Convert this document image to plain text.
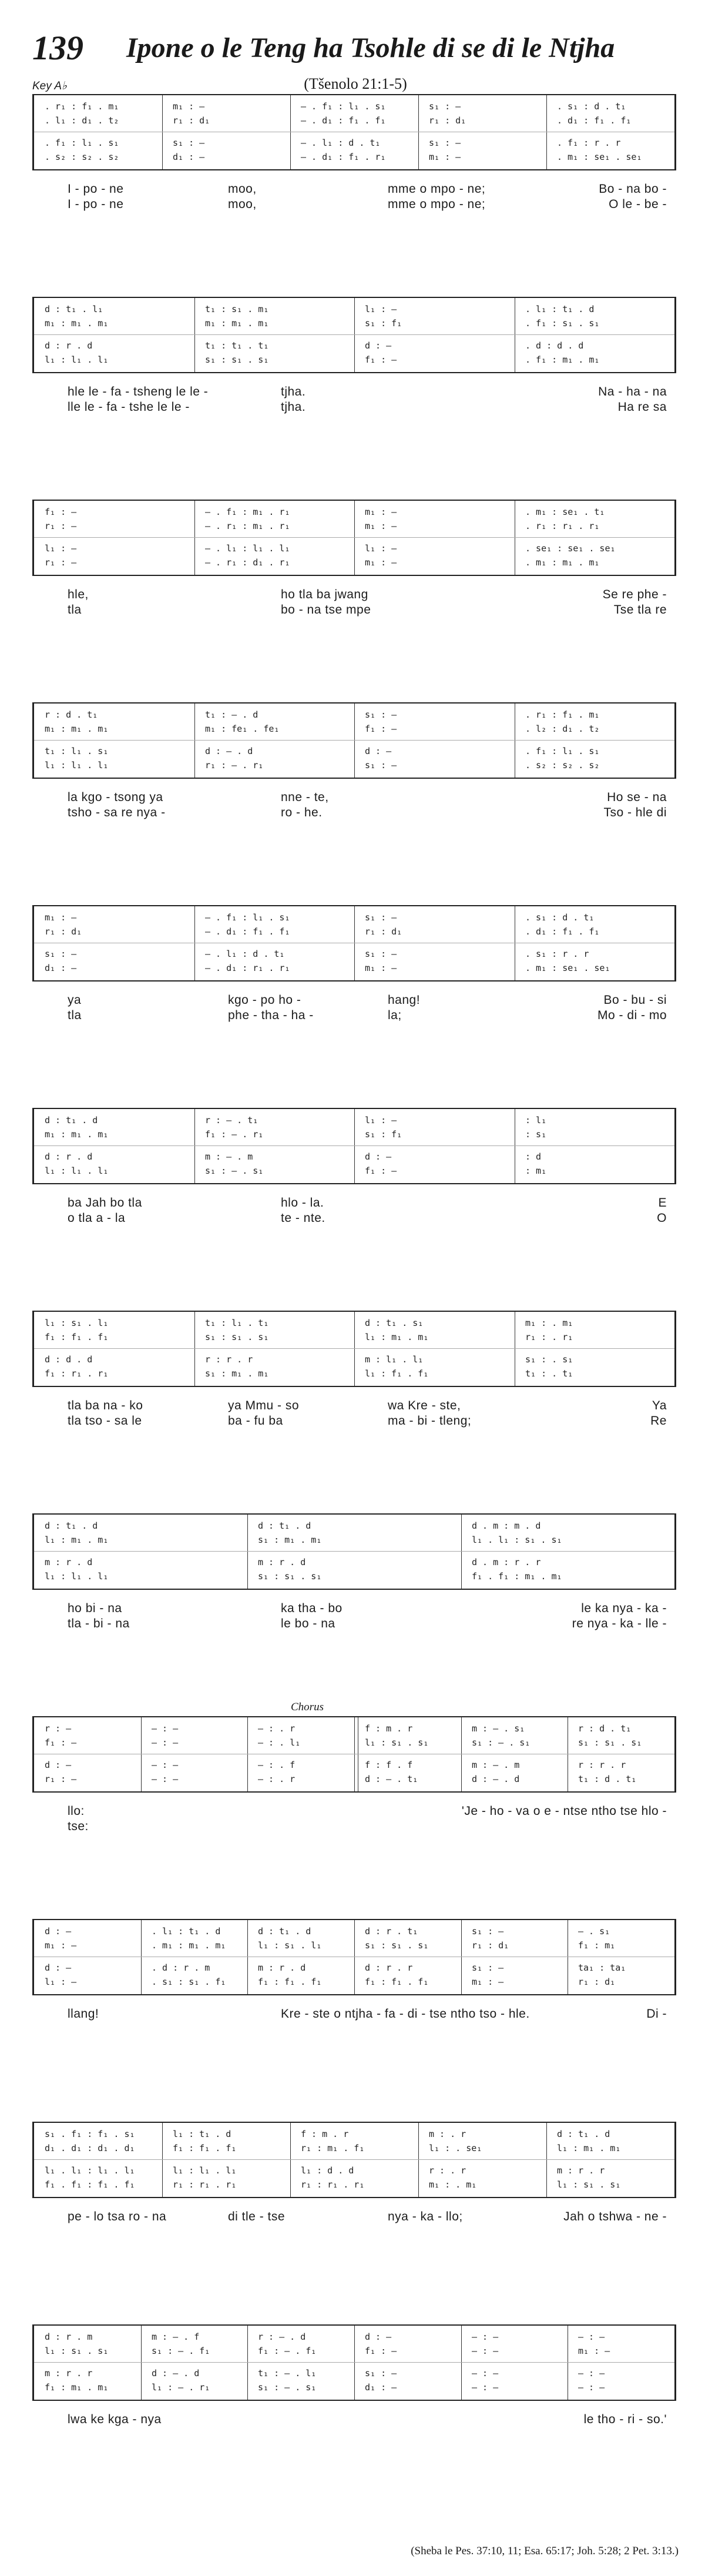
139 Ipone o le Teng ha Tsohle di se di le Ntjha
(Tšenolo 21:1-5)
Key A♭
. r₁ : f₁ . m₁	m₁ : —	— . f₁ : l₁ . s₁	s₁ : —	. s₁ : d . t₁
. l₁ : d₁ . t₂	r₁ : d₁	— . d₁ : f₁ . f₁	r₁ : d₁	. d₁ : f₁ . f₁
. f₁ : l₁ . s₁	s₁ : —	— . l₁ : d . t₁	s₁ : —	. f₁ : r . r
. s₂ : s₂ . s₂	d₁ : —	— . d₁ : f₁ . r₁	m₁ : —	. m₁ : se₁ . se₁
I - po - ne	moo,	mme o mpo - ne;	Bo - na bo -
I - po - ne	moo,	mme o mpo - ne;	O le - be -
d : t₁ . l₁	t₁ : s₁ . m₁	l₁ : —	. l₁ : t₁ . d
m₁ : m₁ . m₁	m₁ : m₁ . m₁	s₁ : f₁	. f₁ : s₁ . s₁
d : r . d	t₁ : t₁ . t₁	d : —	. d : d . d
l₁ : l₁ . l₁	s₁ : s₁ . s₁	f₁ : —	. f₁ : m₁ . m₁
hle le - fa - tsheng le le -	tjha.	Na - ha - na
lle le - fa - tshe le le -	tjha.	Ha re sa
f₁ : —	— . f₁ : m₁ . r₁	m₁ : —	. m₁ : se₁ . t₁
r₁ : —	— . r₁ : m₁ . r₁	m₁ : —	. r₁ : r₁ . r₁
l₁ : —	— . l₁ : l₁ . l₁	l₁ : —	. se₁ : se₁ . se₁
r₁ : —	— . r₁ : d₁ . r₁	m₁ : —	. m₁ : m₁ . m₁
hle,	ho tla ba jwang	Se re phe -
tla	bo - na tse mpe	Tse tla re
r : d . t₁	t₁ : — . d	s₁ : —	. r₁ : f₁ . m₁
m₁ : m₁ . m₁	m₁ : fe₁ . fe₁	f₁ : —	. l₂ : d₁ . t₂
t₁ : l₁ . s₁	d : — . d	d : —	. f₁ : l₁ . s₁
l₁ : l₁ . l₁	r₁ : — . r₁	s₁ : —	. s₂ : s₂ . s₂
la kgo - tsong ya	nne - te,	Ho se - na
tsho - sa re nya -	ro - he.	Tso - hle di
m₁ : —	— . f₁ : l₁ . s₁	s₁ : —	. s₁ : d . t₁
r₁ : d₁	— . d₁ : f₁ . f₁	r₁ : d₁	. d₁ : f₁ . f₁
s₁ : —	— . l₁ : d . t₁	s₁ : —	. s₁ : r . r
d₁ : —	— . d₁ : r₁ . r₁	m₁ : —	. m₁ : se₁ . se₁
ya	kgo - po ho -	hang!	Bo - bu - si
tla	phe - tha - ha -	la;	Mo - di - mo
d : t₁ . d	r : — . t₁	l₁ : —	: l₁
m₁ : m₁ . m₁	f₁ : — . r₁	s₁ : f₁	: s₁
d : r . d	m : — . m	d : —	: d
l₁ : l₁ . l₁	s₁ : — . s₁	f₁ : —	: m₁
ba Jah bo tla	hlo - la.	E
o tla a - la	te - nte.	O
l₁ : s₁ . l₁	t₁ : l₁ . t₁	d : t₁ . s₁	m₁ : . m₁
f₁ : f₁ . f₁	s₁ : s₁ . s₁	l₁ : m₁ . m₁	r₁ : . r₁
d : d . d	r : r . r	m : l₁ . l₁	s₁ : . s₁
f₁ : r₁ . r₁	s₁ : m₁ . m₁	l₁ : f₁ . f₁	t₁ : . t₁
tla ba na - ko	ya Mmu - so	wa Kre - ste,	Ya
tla tso - sa le	ba - fu ba	ma - bi - tleng;	Re
d : t₁ . d	d : t₁ . d	d . m : m . d
l₁ : m₁ . m₁	s₁ : m₁ . m₁	l₁ . l₁ : s₁ . s₁
m : r . d	m : r . d	d . m : r . r
l₁ : l₁ . l₁	s₁ : s₁ . s₁	f₁ . f₁ : m₁ . m₁
ho bi - na	ka tha - bo	le ka nya - ka -
tla - bi - na	le bo - na	re nya - ka - lle -
Chorus
r : —	— : —	— : . r	f : m . r	m : — . s₁	r : d . t₁
f₁ : —	— : —	— : . l₁	l₁ : s₁ . s₁	s₁ : — . s₁	s₁ : s₁ . s₁
d : —	— : —	— : . f	f : f . f	m : — . m	r : r . r
r₁ : —	— : —	— : . r	d : — . t₁	d : — . d	t₁ : d . t₁
llo:	'Je - ho - va o e - ntse ntho tse hlo -
tse:
d : —	. l₁ : t₁ . d	d : t₁ . d	d : r . t₁	s₁ : —	— . s₁
m₁ : —	. m₁ : m₁ . m₁	l₁ : s₁ . l₁	s₁ : s₁ . s₁	r₁ : d₁	f₁ : m₁
d : —	. d : r . m	m : r . d	d : r . r	s₁ : —	ta₁ : ta₁
l₁ : —	. s₁ : s₁ . f₁	f₁ : f₁ . f₁	f₁ : f₁ . f₁	m₁ : —	r₁ : d₁
llang!	Kre - ste o ntjha - fa - di - tse ntho tso - hle.	Di -
s₁ . f₁ : f₁ . s₁	l₁ : t₁ . d	f : m . r	m : . r	d : t₁ . d
d₁ . d₁ : d₁ . d₁	f₁ : f₁ . f₁	r₁ : m₁ . f₁	l₁ : . se₁	l₁ : m₁ . m₁
l₁ . l₁ : l₁ . l₁	l₁ : l₁ . l₁	l₁ : d . d	r : . r	m : r . r
f₁ . f₁ : f₁ . f₁	r₁ : r₁ . r₁	r₁ : r₁ . r₁	m₁ : . m₁	l₁ : s₁ . s₁
pe - lo tsa ro - na	di tle - tse	nya - ka - llo;	Jah o tshwa - ne -
d : r . m	m : — . f	r : — . d	d : —	— : —	— : —
l₁ : s₁ . s₁	s₁ : — . f₁	f₁ : — . f₁	f₁ : —	— : —	m₁ : —
m : r . r	d : — . d	t₁ : — . l₁	s₁ : —	— : —	— : —
f₁ : m₁ . m₁	l₁ : — . r₁	s₁ : — . s₁	d₁ : —	— : —	— : —
lwa ke kga - nya	le tho - ri - so.'
(Sheba le Pes. 37:10, 11; Esa. 65:17; Joh. 5:28; 2 Pet. 3:13.)
